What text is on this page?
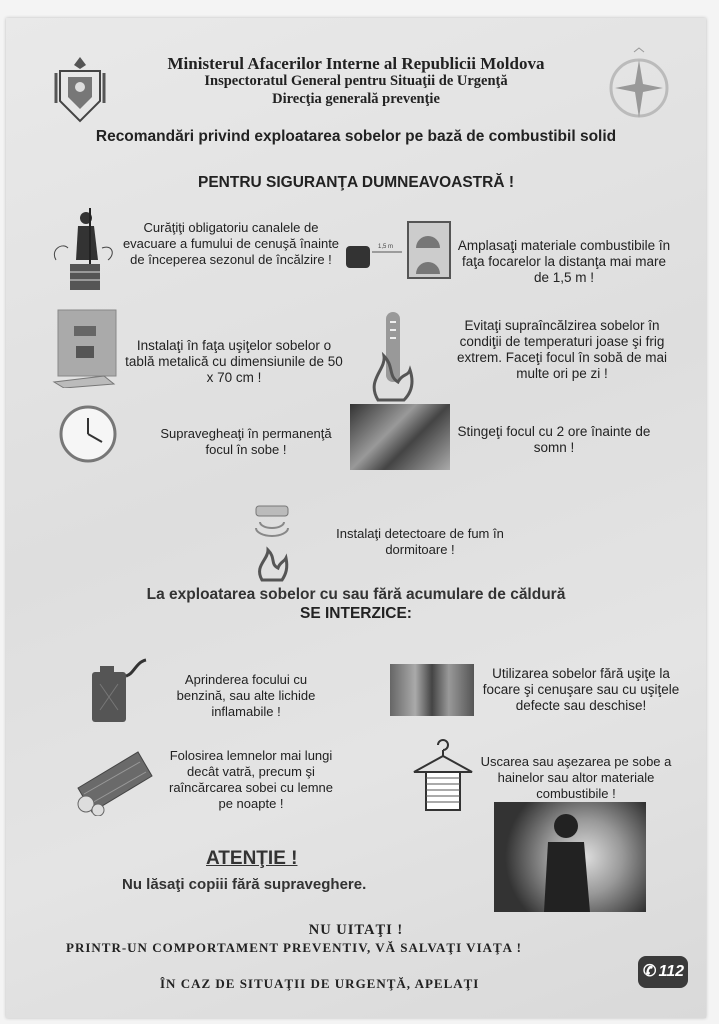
Ministerul Afacerilor Interne al Republicii Moldova
Inspectoratul General pentru Situaţii de Urgenţă
Direcţia generală prevenţie
Recomandări privind exploatarea sobelor pe bază de combustibil solid
PENTRU SIGURANŢA DUMNEAVOASTRĂ !
Curăţiţi obligatoriu canalele de evacuare a fumului de cenuşă înainte de începerea sezonul de încălzire !
1,5 m	Amplasaţi materiale combustibile în faţa focarelor la distanţa mai mare de 1,5 m !
Instalaţi în faţa uşiţelor sobelor o tablă metalică cu dimensiunile de 50 x 70 cm !
Evitaţi supraîncălzirea sobelor în condiţii de temperaturi joase şi frig extrem. Faceţi focul în sobă de mai multe ori pe zi !
Supravegheaţi în permanenţă focul în sobe !
Stingeţi focul cu 2 ore înainte de somn !
Instalaţi detectoare de fum în dormitoare !
La exploatarea sobelor cu sau fără acumulare de căldură
SE INTERZICE:
Aprinderea focului cu benzină, sau alte lichide inflamabile !
Utilizarea sobelor fără uşiţe la focare şi cenuşare sau cu uşiţele defecte sau deschise!
Folosirea lemnelor mai lungi decât vatră, precum şi raîncărcarea sobei cu lemne pe noapte !
Uscarea sau aşezarea pe sobe a hainelor sau altor materiale combustibile !
ATENŢIE !
Nu lăsaţi copiii fără supraveghere.
NU UITAŢI !
PRINTR-UN COMPORTAMENT PREVENTIV, VĂ SALVAŢI VIAŢA !
ÎN CAZ DE SITUAŢII DE URGENŢĂ, APELAŢI
✆ 112
